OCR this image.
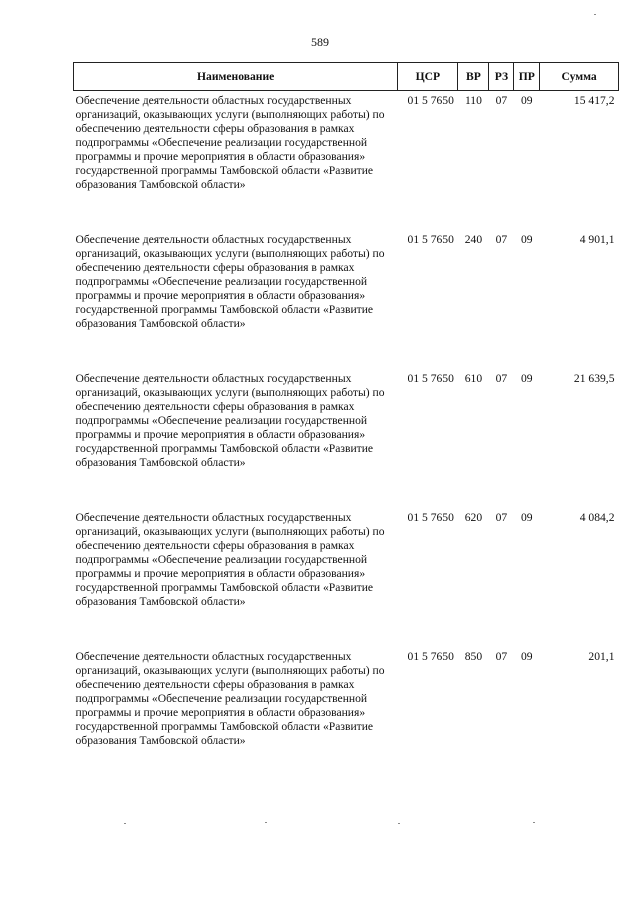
589
Наименование	ЦСР	ВР	РЗ	ПР	Сумма

Обеспечение деятельности областных государственных организаций, оказывающих услуги (выполняющих работы) по обеспечению деятельности сферы образования в рамках подпрограммы «Обеспечение реализации государственной программы и прочие мероприятия в области образования» государственной программы Тамбовской области «Развитие образования Тамбовской области»	01 5 7650	110	07	09	15 417,2

Обеспечение деятельности областных государственных организаций, оказывающих услуги (выполняющих работы) по обеспечению деятельности сферы образования в рамках подпрограммы «Обеспечение реализации государственной программы и прочие мероприятия в области образования» государственной программы Тамбовской области «Развитие образования Тамбовской области»	01 5 7650	240	07	09	4 901,1

Обеспечение деятельности областных государственных организаций, оказывающих услуги (выполняющих работы) по обеспечению деятельности сферы образования в рамках подпрограммы «Обеспечение реализации государственной программы и прочие мероприятия в области образования» государственной программы Тамбовской области «Развитие образования Тамбовской области»	01 5 7650	610	07	09	21 639,5

Обеспечение деятельности областных государственных организаций, оказывающих услуги (выполняющих работы) по обеспечению деятельности сферы образования в рамках подпрограммы «Обеспечение реализации государственной программы и прочие мероприятия в области образования» государственной программы Тамбовской области «Развитие образования Тамбовской области»	01 5 7650	620	07	09	4 084,2

Обеспечение деятельности областных государственных организаций, оказывающих услуги (выполняющих работы) по обеспечению деятельности сферы образования в рамках подпрограммы «Обеспечение реализации государственной программы и прочие мероприятия в области образования» государственной программы Тамбовской области «Развитие образования Тамбовской области»	01 5 7650	850	07	09	201,1
